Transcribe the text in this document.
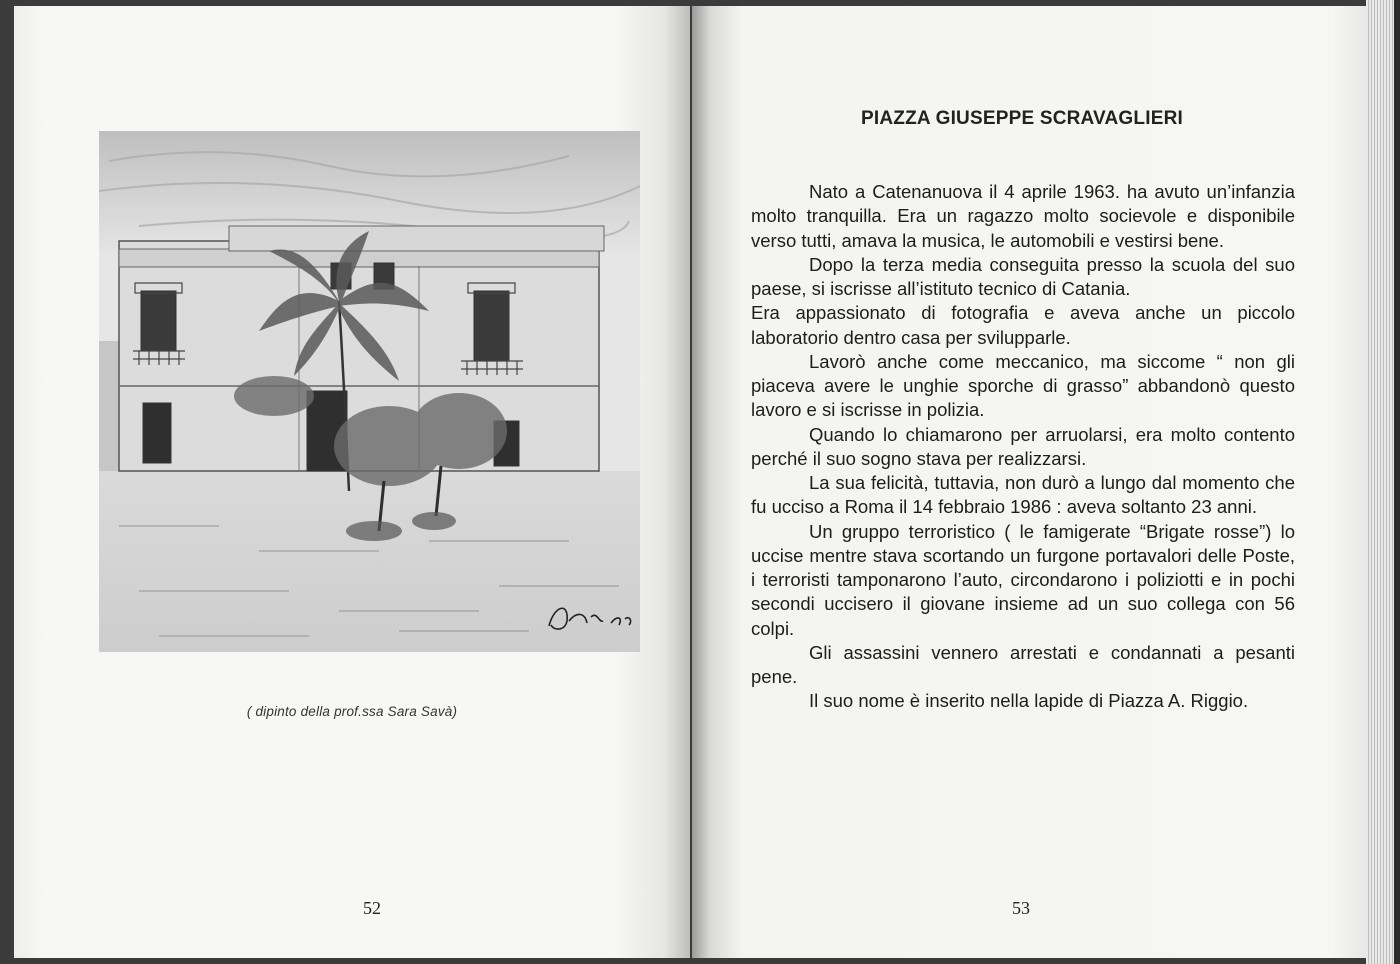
( dipinto della prof.ssa Sara Savà)
52
PIAZZA GIUSEPPE SCRAVAGLIERI

Nato a Catenanuova il 4 aprile 1963. ha avuto un’infanzia molto tranquilla. Era un ragazzo molto socievole e disponibile verso tutti, amava la musica, le automobili e vestirsi bene.

Dopo la terza media conseguita presso la scuola del suo paese, si iscrisse all’istituto tecnico di Catania.

Era appassionato di fotografia e aveva anche un piccolo laboratorio dentro casa per svilupparle.

Lavorò anche come meccanico, ma siccome “ non gli piaceva avere le unghie sporche di grasso” abbandonò questo lavoro e si iscrisse in polizia.

Quando lo chiamarono per arruolarsi, era molto contento perché il suo sogno stava per realizzarsi.

La sua felicità, tuttavia, non durò a lungo dal momento che fu ucciso a Roma il 14 febbraio 1986 : aveva soltanto 23 anni.

Un gruppo terroristico ( le famigerate “Brigate rosse”) lo uccise mentre stava scortando un furgone portavalori delle Poste, i terroristi tamponarono l’auto, circondarono i poliziotti e in pochi secondi uccisero il giovane insieme ad un suo collega con 56 colpi.

Gli assassini vennero arrestati e condannati a pesanti pene.

Il suo nome è inserito nella lapide di Piazza A. Riggio.

53
